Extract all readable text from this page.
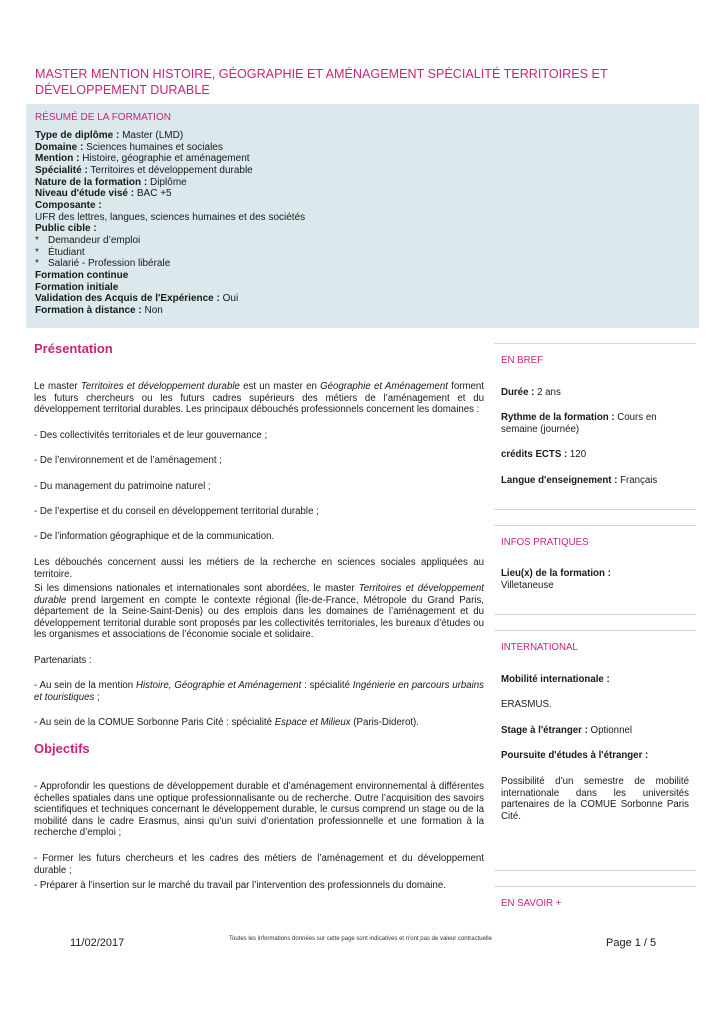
MASTER MENTION HISTOIRE, GÉOGRAPHIE ET AMÉNAGEMENT SPÉCIALITÉ TERRITOIRES ET DÉVELOPPEMENT DURABLE
RÉSUMÉ DE LA FORMATION
Type de diplôme : Master (LMD)
Domaine : Sciences humaines et sociales
Mention : Histoire, géographie et aménagement
Spécialité : Territoires et développement durable
Nature de la formation : Diplôme
Niveau d'étude visé : BAC +5
Composante :
UFR des lettres, langues, sciences humaines et des sociétés
Public cible :
* Demandeur d’emploi
* Étudiant
* Salarié - Profession libérale
Formation continue
Formation initiale
Validation des Acquis de l'Expérience : Oui
Formation à distance : Non
Présentation

Le master Territoires et développement durable est un master en Géographie et Aménagement forment les futurs chercheurs ou les futurs cadres supérieurs des métiers de l’aménagement et du développement territorial durables. Les principaux débouchés professionnels concernent les domaines :

- Des collectivités territoriales et de leur gouvernance ;

- De l’environnement et de l’aménagement ;

- Du management du patrimoine naturel ;

- De l’expertise et du conseil en développement territorial durable ;

- De l’information géographique et de la communication.

Les débouchés concernent aussi les métiers de la recherche en sciences sociales appliquées au territoire.

Si les dimensions nationales et internationales sont abordées, le master Territoires et développement durable prend largement en compte le contexte régional (Île-de-France, Métropole du Grand Paris, département de la Seine-Saint-Denis) ou des emplois dans les domaines de l’aménagement et du développement territorial durable sont proposés par les collectivités territoriales, les bureaux d’études ou les organismes et associations de l’économie sociale et solidaire.

Partenariats :

- Au sein de la mention Histoire, Géographie et Aménagement : spécialité Ingénierie en parcours urbains et touristiques ;

- Au sein de la COMUE Sorbonne Paris Cité : spécialité Espace et Milieux (Paris-Diderot).

Objectifs

- Approfondir les questions de développement durable et d’aménagement environnemental à différentes échelles spatiales dans une optique professionnalisante ou de recherche. Outre l’acquisition des savoirs scientifiques et techniques concernant le développement durable, le cursus comprend un stage ou de la mobilité dans le cadre Erasmus, ainsi qu’un suivi d’orientation professionnelle et une formation à la recherche d’emploi ;

- Former les futurs chercheurs et les cadres des métiers de l’aménagement et du développement durable ;

- Préparer à l’insertion sur le marché du travail par l’intervention des professionnels du domaine.

EN BREF
Durée : 2 ans
Rythme de la formation : Cours en semaine (journée)
crédits ECTS : 120
Langue d'enseignement : Français
INFOS PRATIQUES
Lieu(x) de la formation :
Villetaneuse
INTERNATIONAL
Mobilité internationale :
ERASMUS.
Stage à l'étranger : Optionnel
Poursuite d'études à l'étranger :
Possibilité d’un semestre de mobilité internationale dans les universités partenaires de la COMUE Sorbonne Paris Cité.
EN SAVOIR +
11/02/2017	Toutes les informations données sur cette page sont indicatives et n'ont pas de valeur contractuelle	Page 1 / 5
